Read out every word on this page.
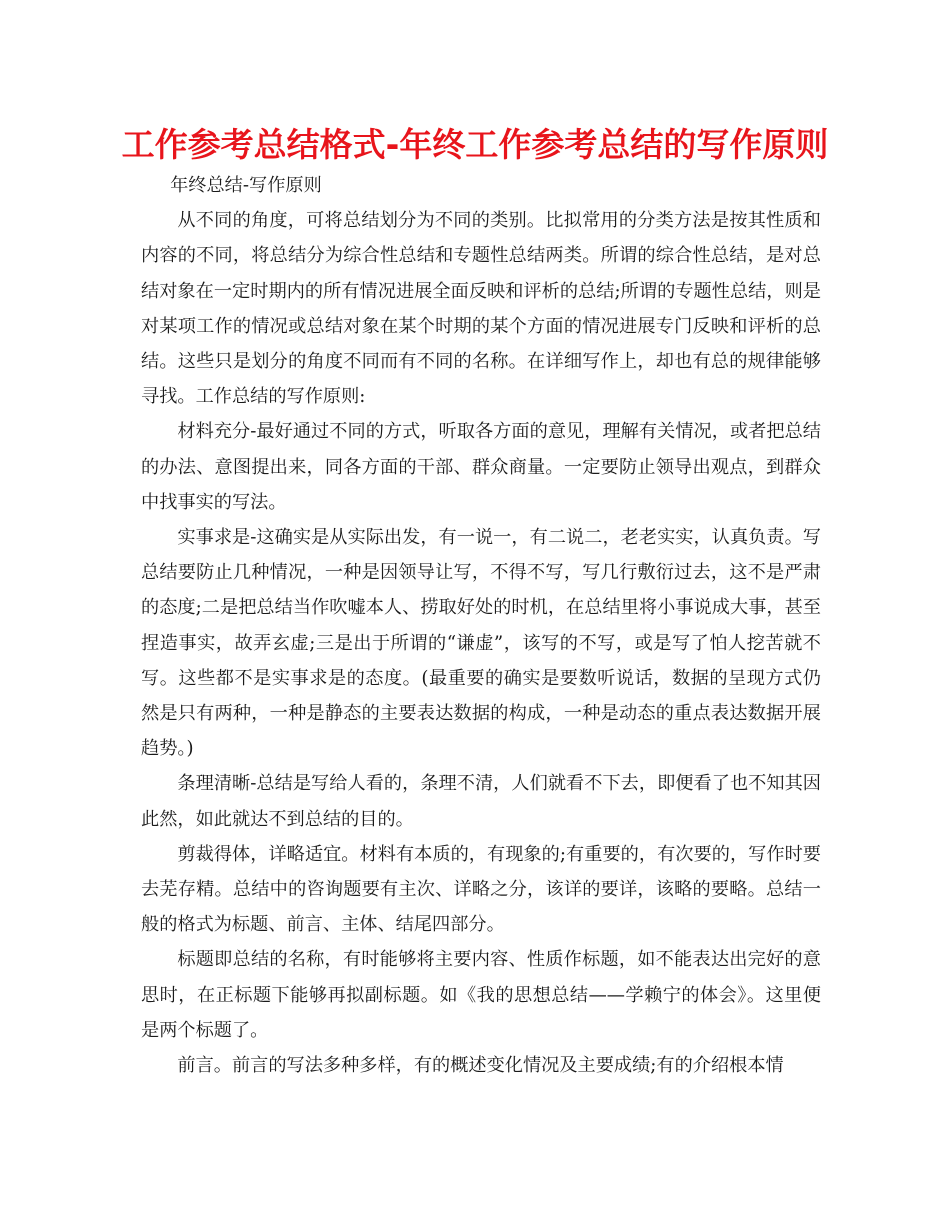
工作参考总结格式-年终工作参考总结的写作原则

年终总结-写作原则

从不同的角度，可将总结划分为不同的类别。比拟常用的分类方法是按其性质和内容的不同，将总结分为综合性总结和专题性总结两类。所谓的综合性总结，是对总结对象在一定时期内的所有情况进展全面反映和评析的总结;所谓的专题性总结，则是对某项工作的情况或总结对象在某个时期的某个方面的情况进展专门反映和评析的总结。这些只是划分的角度不同而有不同的名称。在详细写作上，却也有总的规律能够寻找。工作总结的写作原则:

材料充分-最好通过不同的方式，听取各方面的意见，理解有关情况，或者把总结的办法、意图提出来，同各方面的干部、群众商量。一定要防止领导出观点，到群众中找事实的写法。

实事求是-这确实是从实际出发，有一说一，有二说二，老老实实，认真负责。写总结要防止几种情况，一种是因领导让写，不得不写，写几行敷衍过去，这不是严肃的态度;二是把总结当作吹嘘本人、捞取好处的时机，在总结里将小事说成大事，甚至捏造事实，故弄玄虚;三是出于所谓的“谦虚”，该写的不写，或是写了怕人挖苦就不写。这些都不是实事求是的态度。(最重要的确实是要数听说话，数据的呈现方式仍然是只有两种，一种是静态的主要表达数据的构成，一种是动态的重点表达数据开展趋势。)

条理清晰-总结是写给人看的，条理不清，人们就看不下去，即便看了也不知其因此然，如此就达不到总结的目的。

剪裁得体，详略适宜。材料有本质的，有现象的;有重要的，有次要的，写作时要去芜存精。总结中的咨询题要有主次、详略之分，该详的要详，该略的要略。总结一般的格式为标题、前言、主体、结尾四部分。

标题即总结的名称，有时能够将主要内容、性质作标题，如不能表达出完好的意思时，在正标题下能够再拟副标题。如《我的思想总结——学赖宁的体会》。这里便是两个标题了。

前言。前言的写法多种多样，有的概述变化情况及主要成绩;有的介绍根本情
